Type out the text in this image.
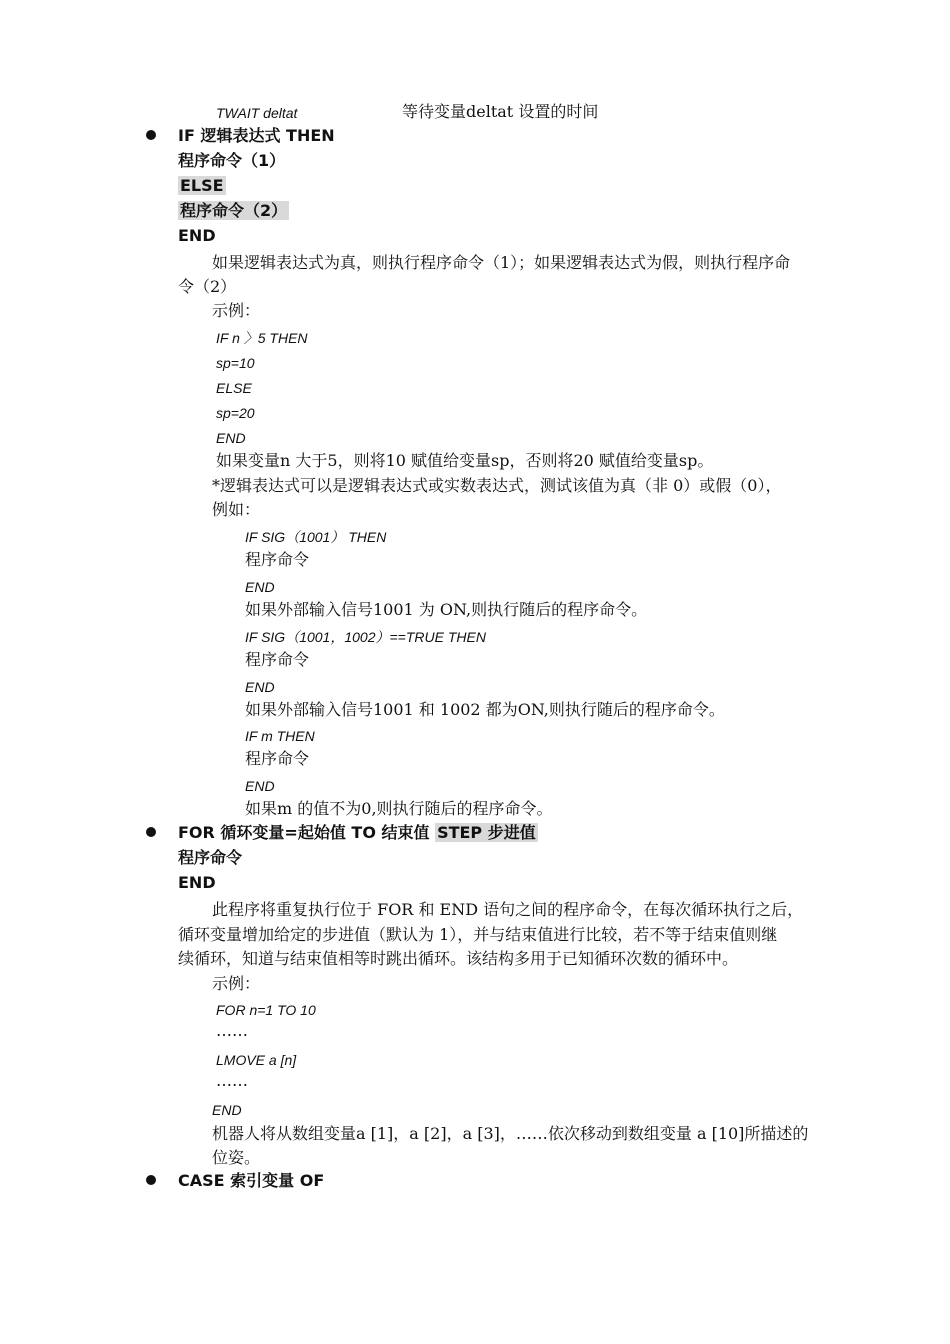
TWAIT deltat	等待变量deltat 设置的时间
IF 逻辑表达式 THEN
程序命令（1）
ELSE
程序命令（2）
END
如果逻辑表达式为真，则执行程序命令（1）；如果逻辑表达式为假，则执行程序命
令（2）
示例：
IF n 〉5 THEN
sp=10
ELSE
sp=20
END
如果变量n 大于5，则将10 赋值给变量sp，否则将20 赋值给变量sp。
*逻辑表达式可以是逻辑表达式或实数表达式，测试该值为真（非 0）或假（0），
例如：
IF SIG（1001） THEN
程序命令
END
如果外部输入信号1001 为 ON,则执行随后的程序命令。
IF SIG（1001，1002）==TRUE THEN
程序命令
END
如果外部输入信号1001 和 1002 都为ON,则执行随后的程序命令。
IF m THEN
程序命令
END
如果m 的值不为0,则执行随后的程序命令。
FOR 循环变量=起始值 TO 结束值 STEP 步进值
程序命令
END
此程序将重复执行位于 FOR 和 END 语句之间的程序命令，在每次循环执行之后，
循环变量增加给定的步进值（默认为 1），并与结束值进行比较，若不等于结束值则继
续循环，知道与结束值相等时跳出循环。该结构多用于已知循环次数的循环中。
示例：
FOR n=1 TO 10
……
LMOVE a [n]
……
END
机器人将从数组变量a [1]，a [2]，a [3]，……依次移动到数组变量 a [10]所描述的
位姿。
CASE 索引变量 OF
